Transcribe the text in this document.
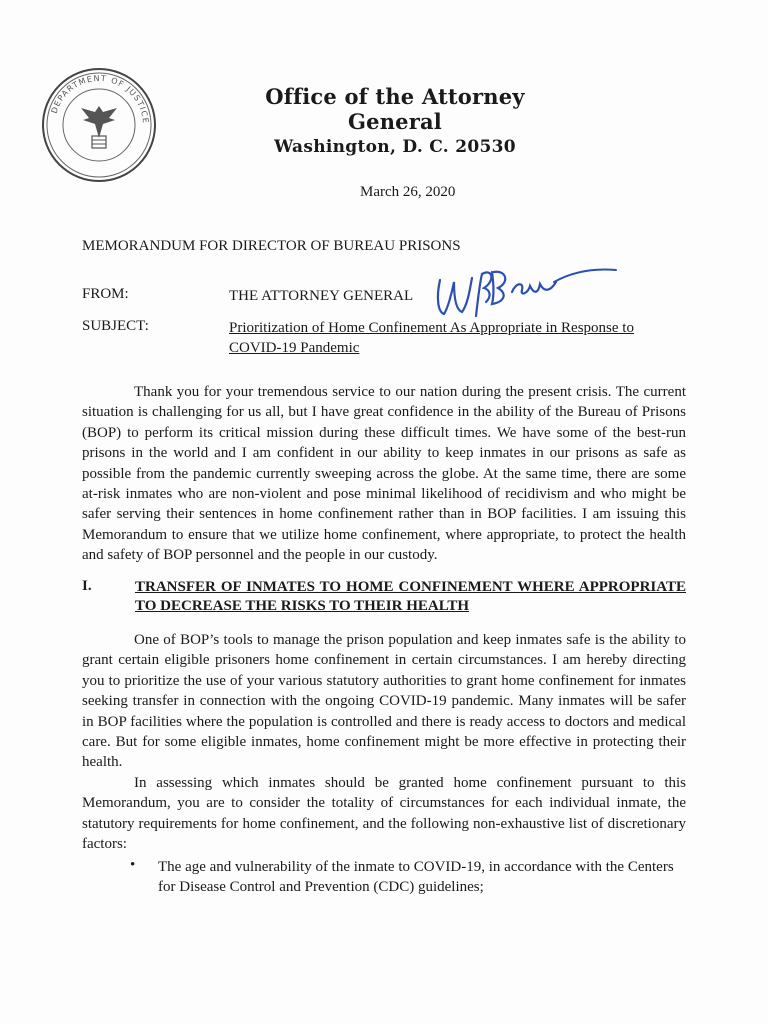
DEPARTMENT OF JUSTICE
Office of the Attorney General
Washington, D. C. 20530
March 26, 2020
MEMORANDUM FOR DIRECTOR OF BUREAU PRISONS
FROM:	THE ATTORNEY GENERAL
SUBJECT:	Prioritization of Home Confinement As Appropriate in Response to COVID-19 Pandemic

Thank you for your tremendous service to our nation during the present crisis. The current situation is challenging for us all, but I have great confidence in the ability of the Bureau of Prisons (BOP) to perform its critical mission during these difficult times. We have some of the best-run prisons in the world and I am confident in our ability to keep inmates in our prisons as safe as possible from the pandemic currently sweeping across the globe. At the same time, there are some at-risk inmates who are non-violent and pose minimal likelihood of recidivism and who might be safer serving their sentences in home confinement rather than in BOP facilities. I am issuing this Memorandum to ensure that we utilize home confinement, where appropriate, to protect the health and safety of BOP personnel and the people in our custody.

I.	TRANSFER OF INMATES TO HOME CONFINEMENT WHERE APPROPRIATE TO DECREASE THE RISKS TO THEIR HEALTH

One of BOP’s tools to manage the prison population and keep inmates safe is the ability to grant certain eligible prisoners home confinement in certain circumstances. I am hereby directing you to prioritize the use of your various statutory authorities to grant home confinement for inmates seeking transfer in connection with the ongoing COVID-19 pandemic. Many inmates will be safer in BOP facilities where the population is controlled and there is ready access to doctors and medical care. But for some eligible inmates, home confinement might be more effective in protecting their health.

In assessing which inmates should be granted home confinement pursuant to this Memorandum, you are to consider the totality of circumstances for each individual inmate, the statutory requirements for home confinement, and the following non-exhaustive list of discretionary factors:

• The age and vulnerability of the inmate to COVID-19, in accordance with the Centers for Disease Control and Prevention (CDC) guidelines;
